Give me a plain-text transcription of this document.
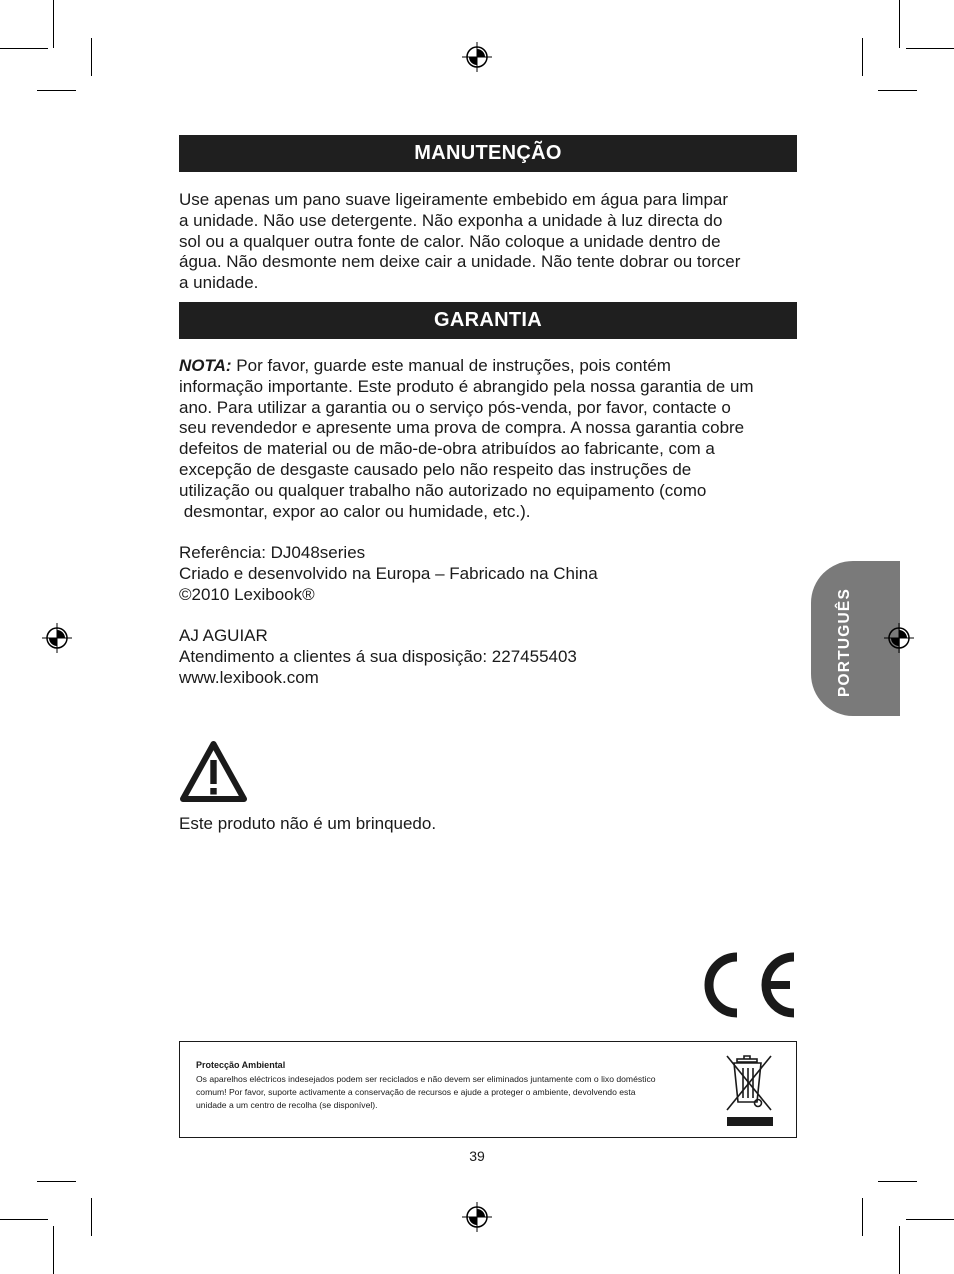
PORTUGUÊS
MANUTENÇÃO

Use apenas um pano suave ligeiramente embebido em água para limpar

a unidade. Não use detergente. Não exponha a unidade à luz directa do

sol ou a qualquer outra fonte de calor. Não coloque a unidade dentro de

água. Não desmonte nem deixe cair a unidade. Não tente dobrar ou torcer

a unidade.

GARANTIA

NOTA: Por favor, guarde este manual de instruções, pois contém

informação importante. Este produto é abrangido pela nossa garantia de um

ano. Para utilizar a garantia ou o serviço pós-venda, por favor, contacte o

seu revendedor e apresente uma prova de compra. A nossa garantia cobre

defeitos de material ou de mão-de-obra atribuídos ao fabricante, com a

excepção de desgaste causado pelo não respeito das instruções de

utilização ou qualquer trabalho não autorizado no equipamento (como

desmontar, expor ao calor ou humidade, etc.).

Referência: DJ048series

Criado e desenvolvido na Europa – Fabricado na China

©2010 Lexibook®

AJ AGUIAR

Atendimento a clientes á sua disposição: 227455403

www.lexibook.com

Este produto não é um brinquedo.
Protecção Ambiental
Os aparelhos eléctricos indesejados podem ser reciclados e não devem ser eliminados juntamente com o lixo doméstico
comum! Por favor, suporte activamente a conservação de recursos e ajude a proteger o ambiente, devolvendo esta
unidade a um centro de recolha (se disponível).
39
